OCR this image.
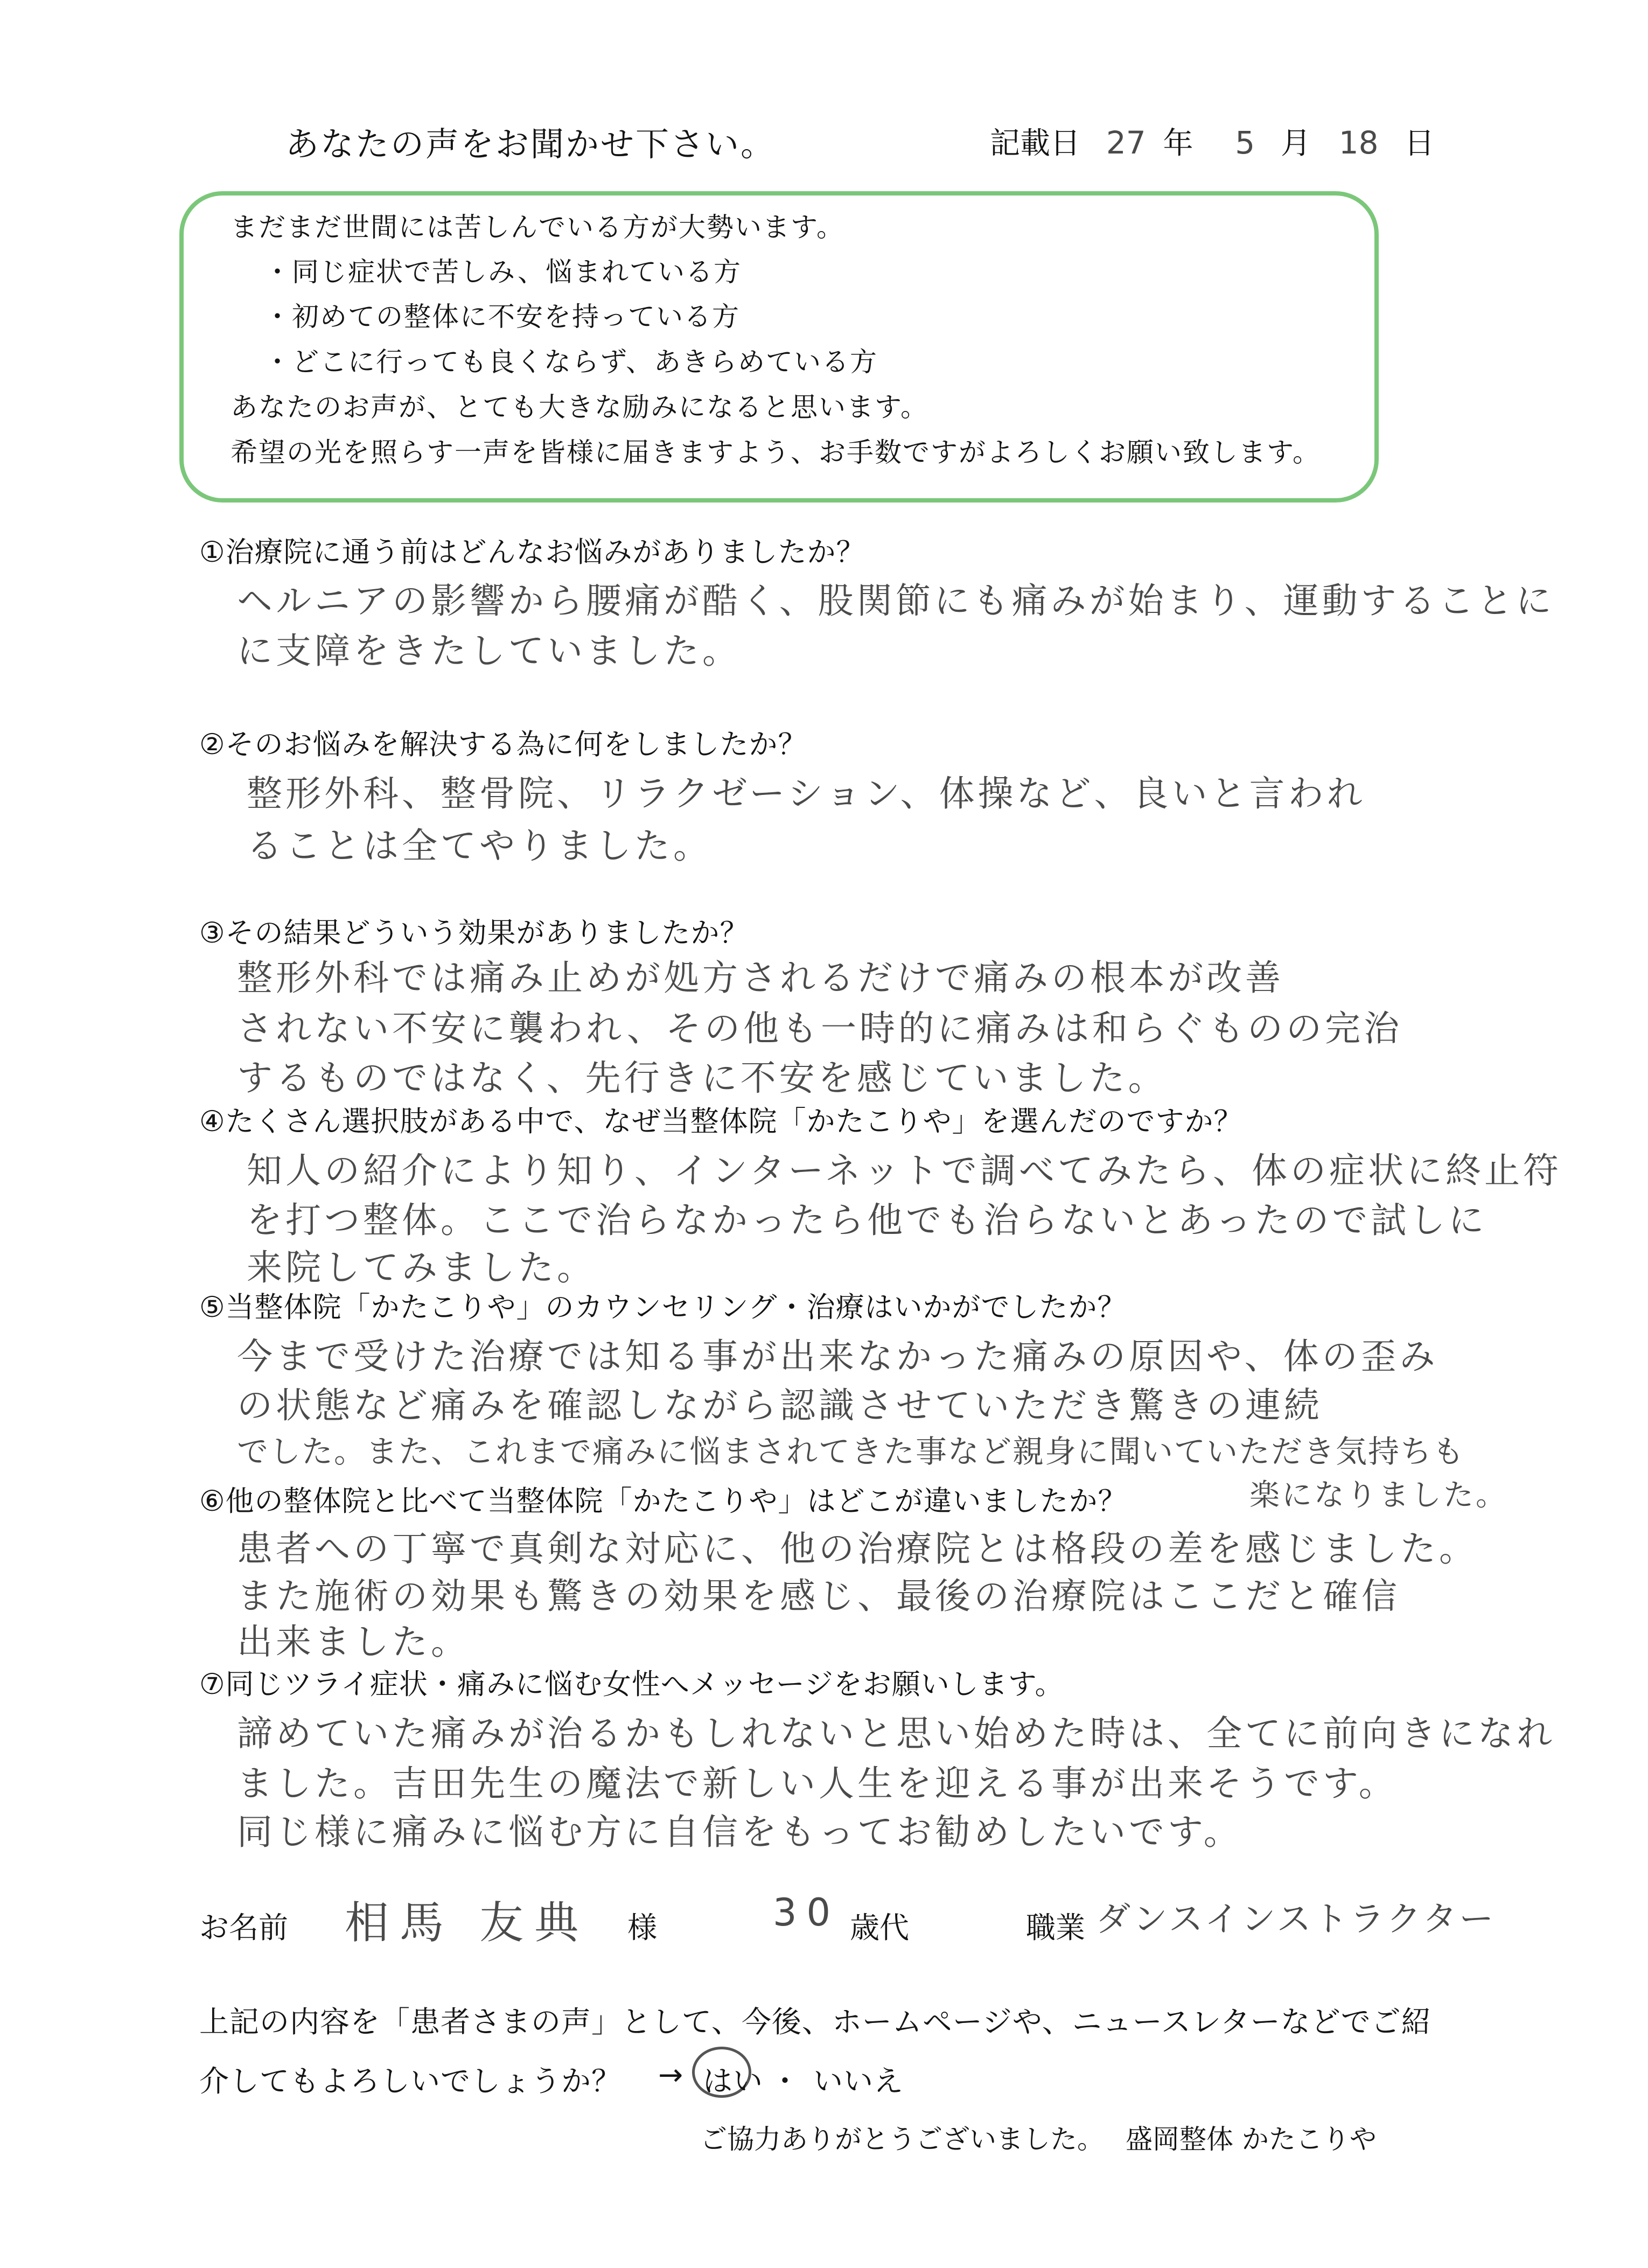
あなたの声をお聞かせ下さい。	記載日 27 年 5 月 18 日
まだまだ世間には苦しんでいる方が大勢います。
・同じ症状で苦しみ、悩まれている方
・初めての整体に不安を持っている方
・どこに行っても良くならず、あきらめている方
あなたのお声が、とても大きな励みになると思います。
希望の光を照らす一声を皆様に届きますよう、お手数ですがよろしくお願い致します。
①治療院に通う前はどんなお悩みがありましたか？
ヘルニアの影響から腰痛が酷く、股関節にも痛みが始まり、運動することに
に支障をきたしていました。
②そのお悩みを解決する為に何をしましたか？
整形外科、整骨院、リラクゼーション、体操など、良いと言われ
ることは全てやりました。
③その結果どういう効果がありましたか？
整形外科では痛み止めが処方されるだけで痛みの根本が改善
されない不安に襲われ、その他も一時的に痛みは和らぐものの完治
するものではなく、先行きに不安を感じていました。
④たくさん選択肢がある中で、なぜ当整体院「かたこりや」を選んだのですか？
知人の紹介により知り、インターネットで調べてみたら、体の症状に終止符
を打つ整体。ここで治らなかったら他でも治らないとあったので試しに
来院してみました。
⑤当整体院「かたこりや」のカウンセリング・治療はいかがでしたか？
今まで受けた治療では知る事が出来なかった痛みの原因や、体の歪み
の状態など痛みを確認しながら認識させていただき驚きの連続
でした。また、これまで痛みに悩まされてきた事など親身に聞いていただき気持ちも
楽になりました。
⑥他の整体院と比べて当整体院「かたこりや」はどこが違いましたか？
患者への丁寧で真剣な対応に、他の治療院とは格段の差を感じました。
また施術の効果も驚きの効果を感じ、最後の治療院はここだと確信
出来ました。
⑦同じツライ症状・痛みに悩む女性へメッセージをお願いします。
諦めていた痛みが治るかもしれないと思い始めた時は、全てに前向きになれ
ました。吉田先生の魔法で新しい人生を迎える事が出来そうです。
同じ様に痛みに悩む方に自信をもってお勧めしたいです。
お名前 相馬 友典 様	30 歳代	職業 ダンスインストラクター
上記の内容を「患者さまの声」として、今後、ホームページや、ニュースレターなどでご紹
介してもよろしいでしょうか？ → はい ・ いいえ
ご協力ありがとうございました。 盛岡整体 かたこりや
